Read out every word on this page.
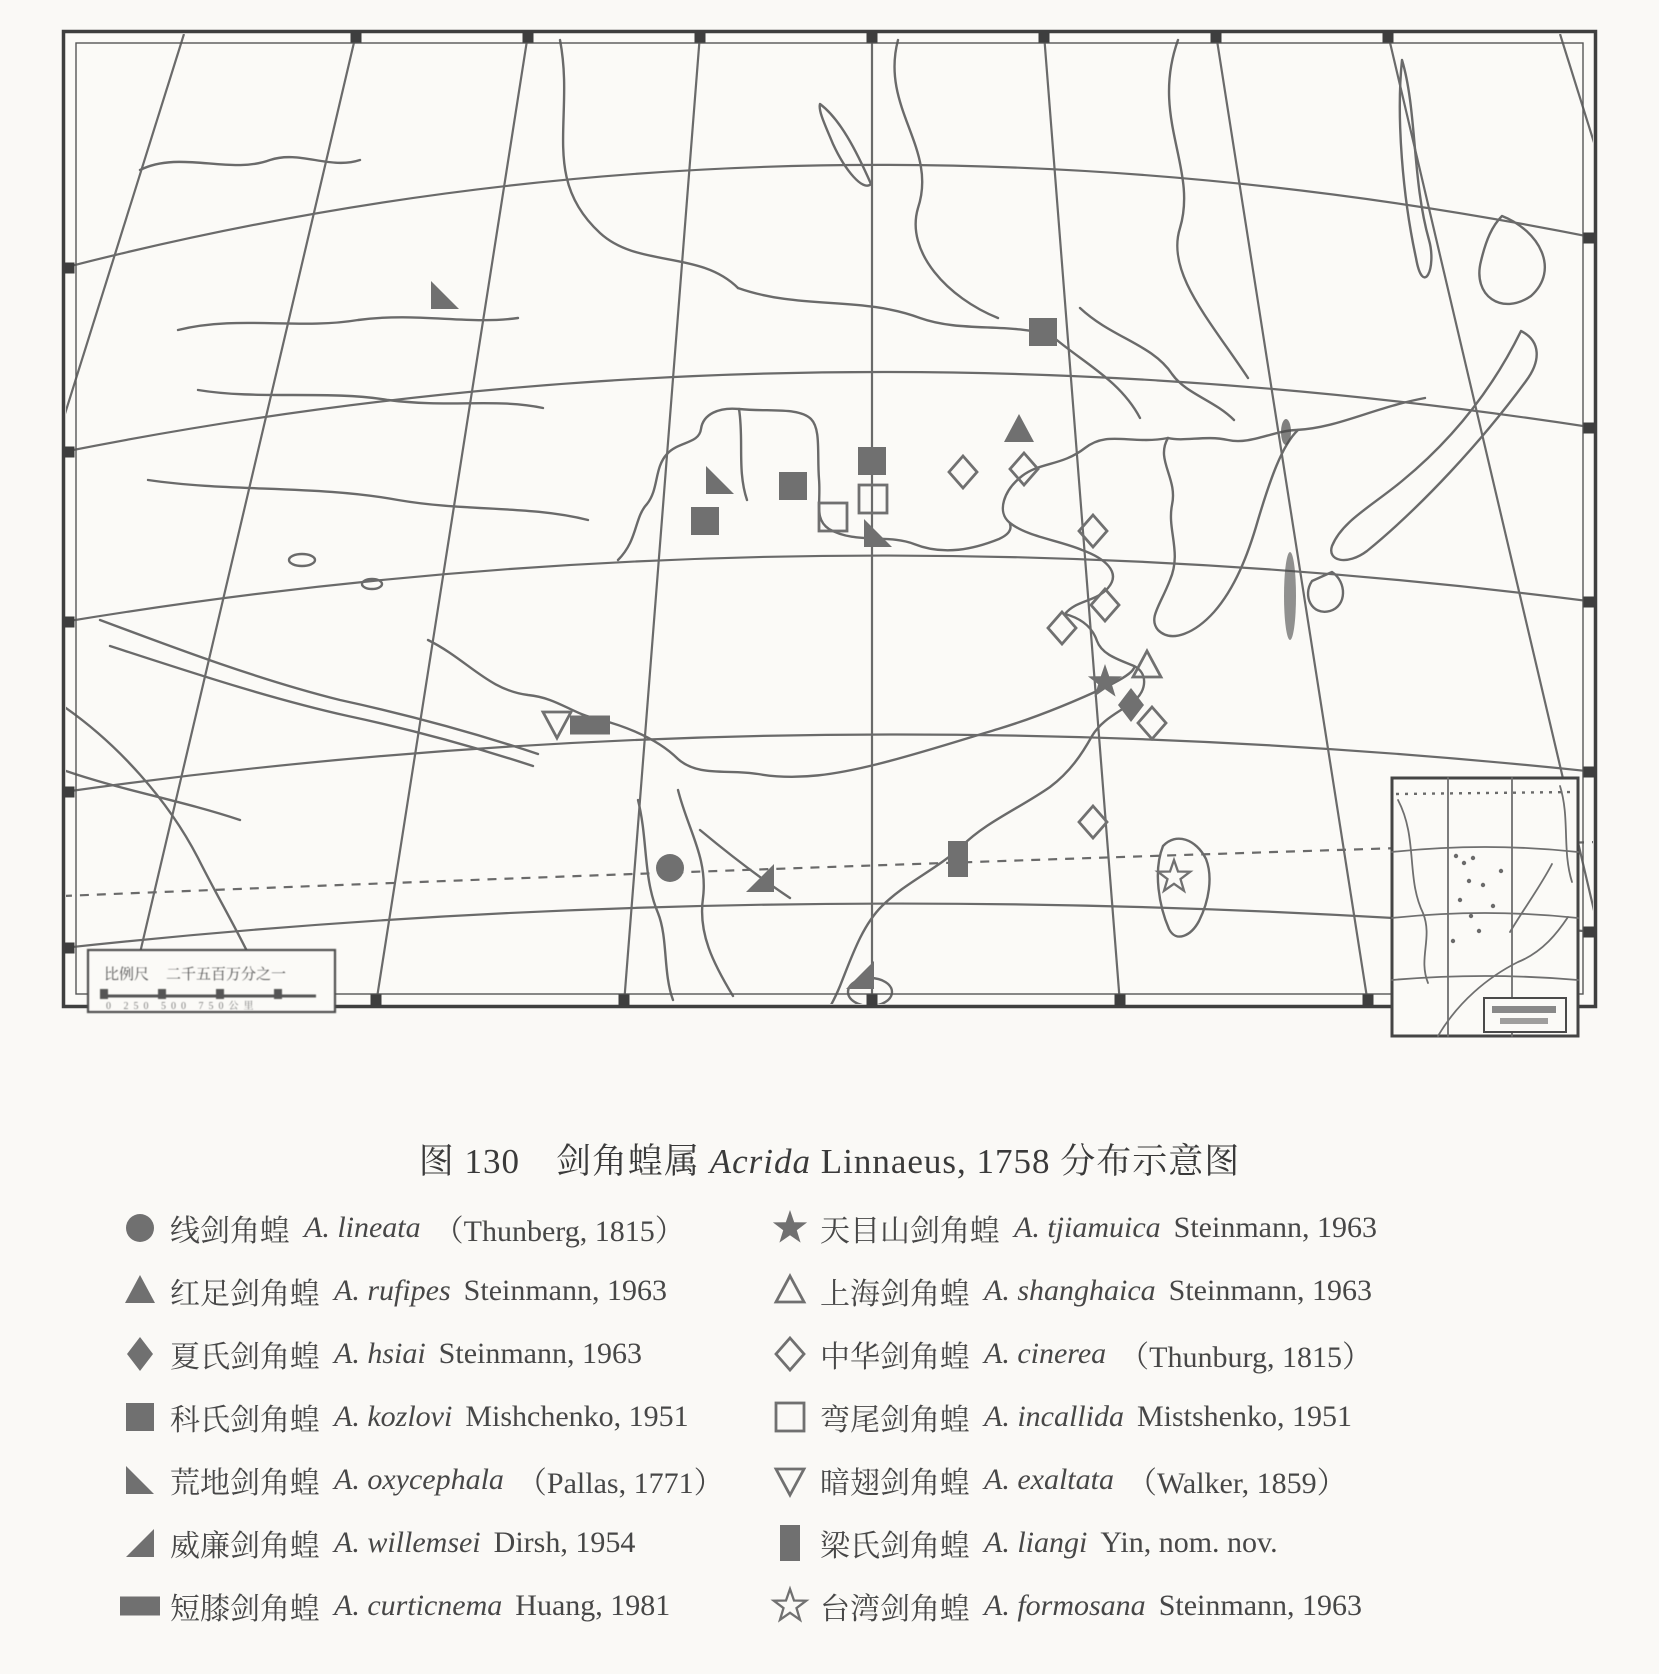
比例尺 二千五百万分之一
0 250 500 750公里
图 130　剑角蝗属 Acrida Linnaeus, 1758 分布示意图
线剑角蝗 A. lineata （Thunberg, 1815）
红足剑角蝗 A. rufipes Steinmann, 1963
夏氏剑角蝗 A. hsiai Steinmann, 1963
科氏剑角蝗 A. kozlovi Mishchenko, 1951
荒地剑角蝗 A. oxycephala （Pallas, 1771）
威廉剑角蝗 A. willemsei Dirsh, 1954
短膝剑角蝗 A. curticnema Huang, 1981
天目山剑角蝗 A. tjiamuica Steinmann, 1963
上海剑角蝗 A. shanghaica Steinmann, 1963
中华剑角蝗 A. cinerea （Thunburg, 1815）
弯尾剑角蝗 A. incallida Mistshenko, 1951
暗翅剑角蝗 A. exaltata （Walker, 1859）
梁氏剑角蝗 A. liangi Yin, nom. nov.
台湾剑角蝗 A. formosana Steinmann, 1963
